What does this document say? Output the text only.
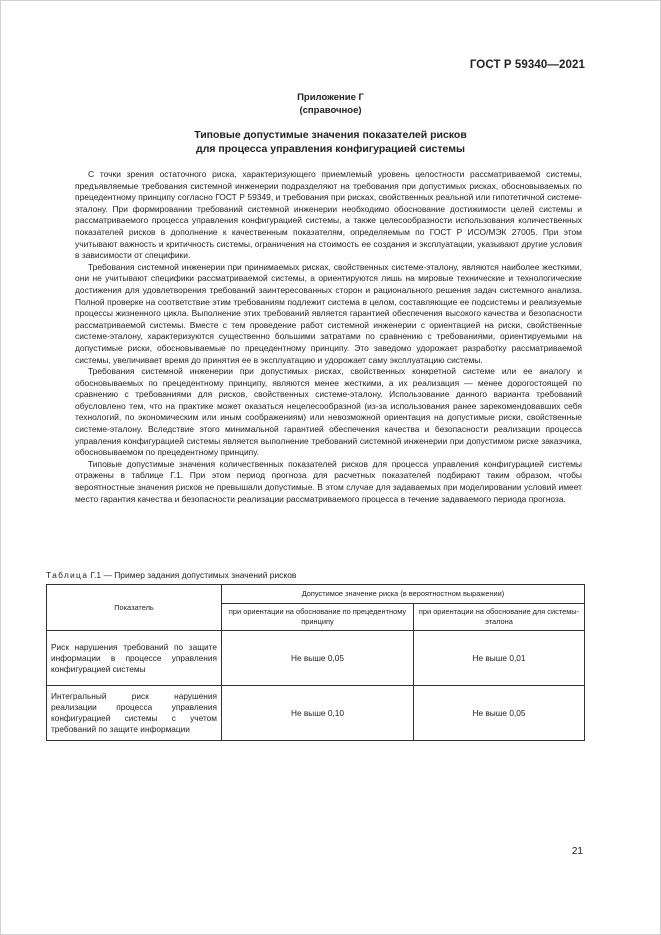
ГОСТ Р 59340—2021
Приложение Г
(справочное)
Типовые допустимые значения показателей рисков
для процесса управления конфигурацией системы

С точки зрения остаточного риска, характеризующего приемлемый уровень целостности рассматриваемой системы, предъявляемые требования системной инженерии подразделяют на требования при допустимых рисках, обосновываемых по прецедентному принципу согласно ГОСТ Р 59349, и требования при рисках, свойственных реальной или гипотетичной системе-эталону. При формировании требований системной инженерии необходимо обоснование достижимости целей системы и рассматриваемого процесса управления конфигурацией системы, а также целесообразности использования количественных показателей рисков в дополнение к качественным показателям, определяемым по ГОСТ Р ИСО/МЭК 27005. При этом учитывают важность и критичность системы, ограничения на стоимость ее создания и эксплуатации, указывают другие условия в зависимости от специфики.

Требования системной инженерии при принимаемых рисках, свойственных системе-эталону, являются наиболее жесткими, они не учитывают специфики рассматриваемой системы, а ориентируются лишь на мировые технические и технологические достижения для удовлетворения требований заинтересованных сторон и рационального решения задач системного анализа. Полной проверке на соответствие этим требованиям подлежит система в целом, составляющие ее подсистемы и реализуемые процессы жизненного цикла. Выполнение этих требований является гарантией обеспечения высокого качества и безопасности рассматриваемой системы. Вместе с тем проведение работ системной инженерии с ориентацией на риски, свойственные системе-эталону, характеризуются существенно большими затратами по сравнению с требованиями, ориентируемыми на допустимые риски, обосновываемые по прецедентному принципу. Это заведомо удорожает разработку рассматриваемой системы, увеличивает время до принятия ее в эксплуатацию и удорожает саму эксплуатацию системы.

Требования системной инженерии при допустимых рисках, свойственных конкретной системе или ее аналогу и обосновываемых по прецедентному принципу, являются менее жесткими, а их реализация — менее дорогостоящей по сравнению с требованиями для рисков, свойственных системе-эталону. Использование данного варианта требований обусловлено тем, что на практике может оказаться нецелесообразной (из-за использования ранее зарекомендовавших себя технологий, по экономическим или иным соображениям) или невозможной ориентация на допустимые риски, свойственные системе-эталону. Вследствие этого минимальной гарантией обеспечения качества и безопасности реализации процесса управления конфигурацией системы является выполнение требований системной инженерии при допустимом риске заказчика, обосновываемом по прецедентному принципу.

Типовые допустимые значения количественных показателей рисков для процесса управления конфигурацией системы отражены в таблице Г.1. При этом период прогноза для расчетных показателей подбирают таким образом, чтобы вероятностные значения рисков не превышали допустимые. В этом случае для задаваемых при моделировании условий имеет место гарантия качества и безопасности реализации рассматриваемого процесса в течение задаваемого периода прогноза.

Таблица Г.1 — Пример задания допустимых значений рисков
Показатель	Допустимое значение риска (в вероятностном выражении)	
	при ориентации на обоснование по прецедентному принципу	при ориентации на обоснование для системы-эталона
Риск нарушения требований по защите информации в процессе управления конфигурацией системы	Не выше 0,05	Не выше 0,01
Интегральный риск нарушения реализации процесса управления конфигурацией системы с учетом требований по защите информации	Не выше 0,10	Не выше 0,05
21
